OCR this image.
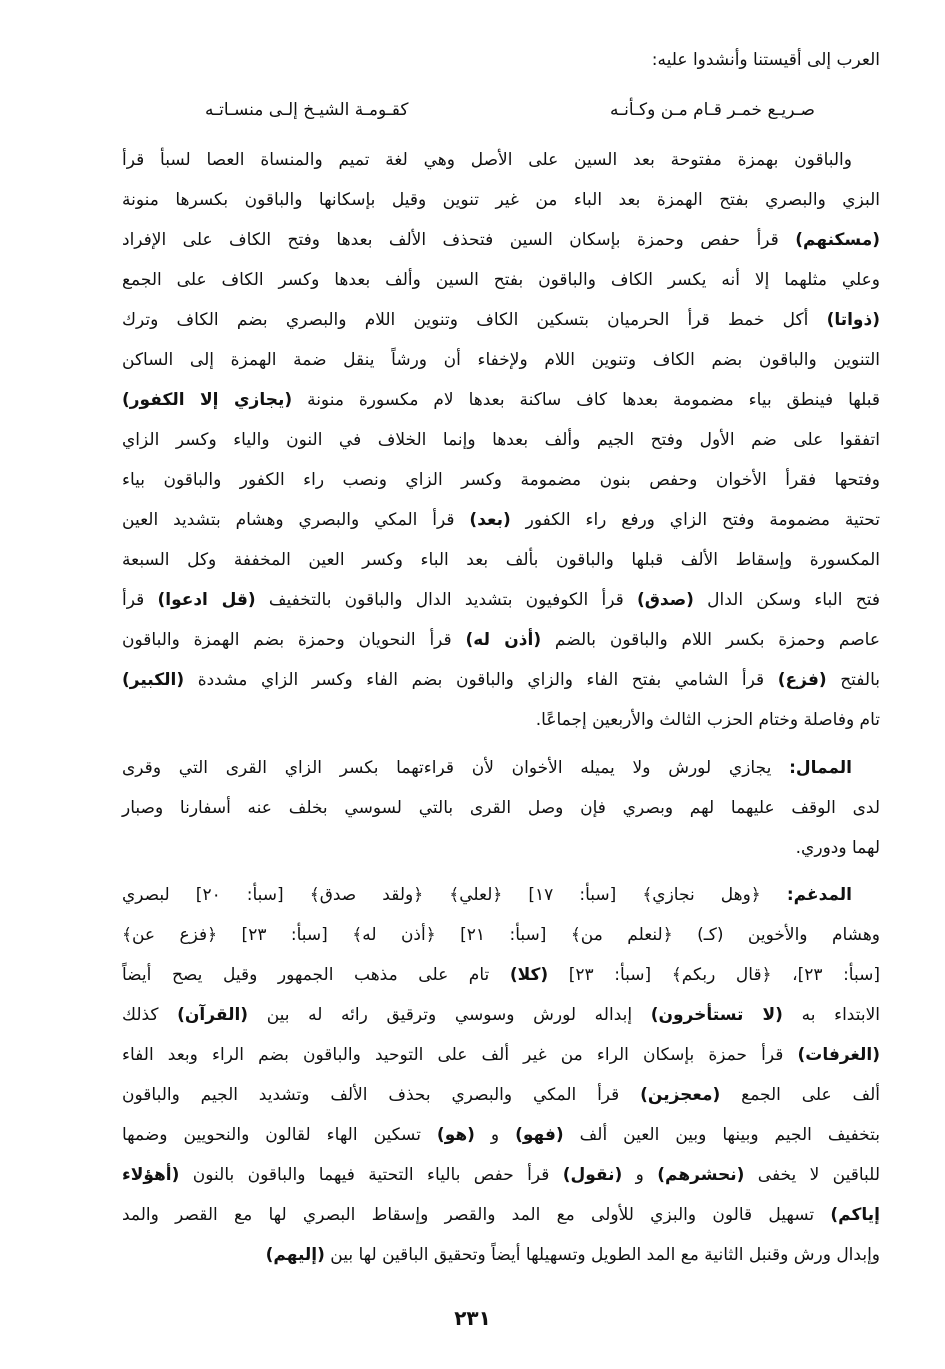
العرب إلى أقيستنا وأنشدوا عليه:
صـريـع خمـر قـام مـن وكـأنـه
كقـومـة الشيـخ إلـى منسـاتـه
والباقون بهمزة مفتوحة بعد السين على الأصل وهي لغة تميم والمنساة العصا لسبأ قرأ
البزي والبصري بفتح الهمزة بعد الباء من غير تنوين وقيل بإسكانها والباقون بكسرها منونة
(مسكنهم) قرأ حفص وحمزة بإسكان السين فتحذف الألف بعدها وفتح الكاف على الإفراد
وعلي مثلهما إلا أنه يكسر الكاف والباقون بفتح السين وألف بعدها وكسر الكاف على الجمع
(ذواتا) أكل خمط قرأ الحرميان بتسكين الكاف وتنوين اللام والبصري بضم الكاف وترك
التنوين والباقون بضم الكاف وتنوين اللام ولإخفاء أن ورشاً ينقل ضمة الهمزة إلى الساكن
قبلها فينطق بياء مضمومة بعدها كاف ساكنة بعدها لام مكسورة منونة (يجازي إلا الكفور)
اتفقوا على ضم الأول وفتح الجيم وألف بعدها وإنما الخلاف في النون والياء وكسر الزاي
وفتحها فقرأ الأخوان وحفص بنون مضمومة وكسر الزاي ونصب راء الكفور والباقون بياء
تحتية مضمومة وفتح الزاي ورفع راء الكفور (بعد) قرأ المكي والبصري وهشام بتشديد العين
المكسورة وإسقاط الألف قبلها والباقون بألف بعد الباء وكسر العين المخففة وكل السبعة
فتح الباء وسكن الدال (صدق) قرأ الكوفيون بتشديد الدال والباقون بالتخفيف (قل ادعوا) قرأ
عاصم وحمزة بكسر اللام والباقون بالضم (أذن له) قرأ النحويان وحمزة بضم الهمزة والباقون
بالفتح (فزع) قرأ الشامي بفتح الفاء والزاي والباقون بضم الفاء وكسر الزاي مشددة (الكبير)
تام وفاصلة وختام الحزب الثالث والأربعين إجماعًا.
الممال: يجازي لورش ولا يميله الأخوان لأن قراءتهما بكسر الزاي القرى التي وقرى
لدى الوقف عليهما لهم وبصري فإن وصل القرى بالتي لسوسي بخلف عنه أسفارنا وصبار
لهما ودوري.
المدغم: ﴿وهل نجازي﴾ [سبأ: ١٧] ﴿لعلي﴾ ﴿ولقد صدق﴾ [سبأ: ٢٠] لبصري
وهشام والأخوين (كـ) ﴿لنعلم من﴾ [سبأ: ٢١] ﴿أذن له﴾ [سبأ: ٢٣] ﴿فزع عن﴾
[سبأ: ٢٣]، ﴿قال ربكم﴾ [سبأ: ٢٣] (كلا) تام على مذهب الجمهور وقيل يصح أيضاً
الابتداء به (لا تستأخرون) إبداله لورش وسوسي وترقيق رائه له بين (القرآن) كذلك
(الغرفات) قرأ حمزة بإسكان الراء من غير ألف على التوحيد والباقون بضم الراء وبعد الفاء
ألف على الجمع (معجزين) قرأ المكي والبصري بحذف الألف وتشديد الجيم والباقون
بتخفيف الجيم وبينها وبين العين ألف (فهو) و (هو) تسكين الهاء لقالون والنحويين وضمها
للباقين لا يخفى (نحشرهم) و (نقول) قرأ حفص بالياء التحتية فيهما والباقون بالنون (أهؤلاء
إياكم) تسهيل قالون والبزي للأولى مع المد والقصر وإسقاط البصري لها مع القصر والمد
وإبدال ورش وقنبل الثانية مع المد الطويل وتسهيلها أيضاً وتحقيق الباقين لها بين (إليهم)
٢٣١
